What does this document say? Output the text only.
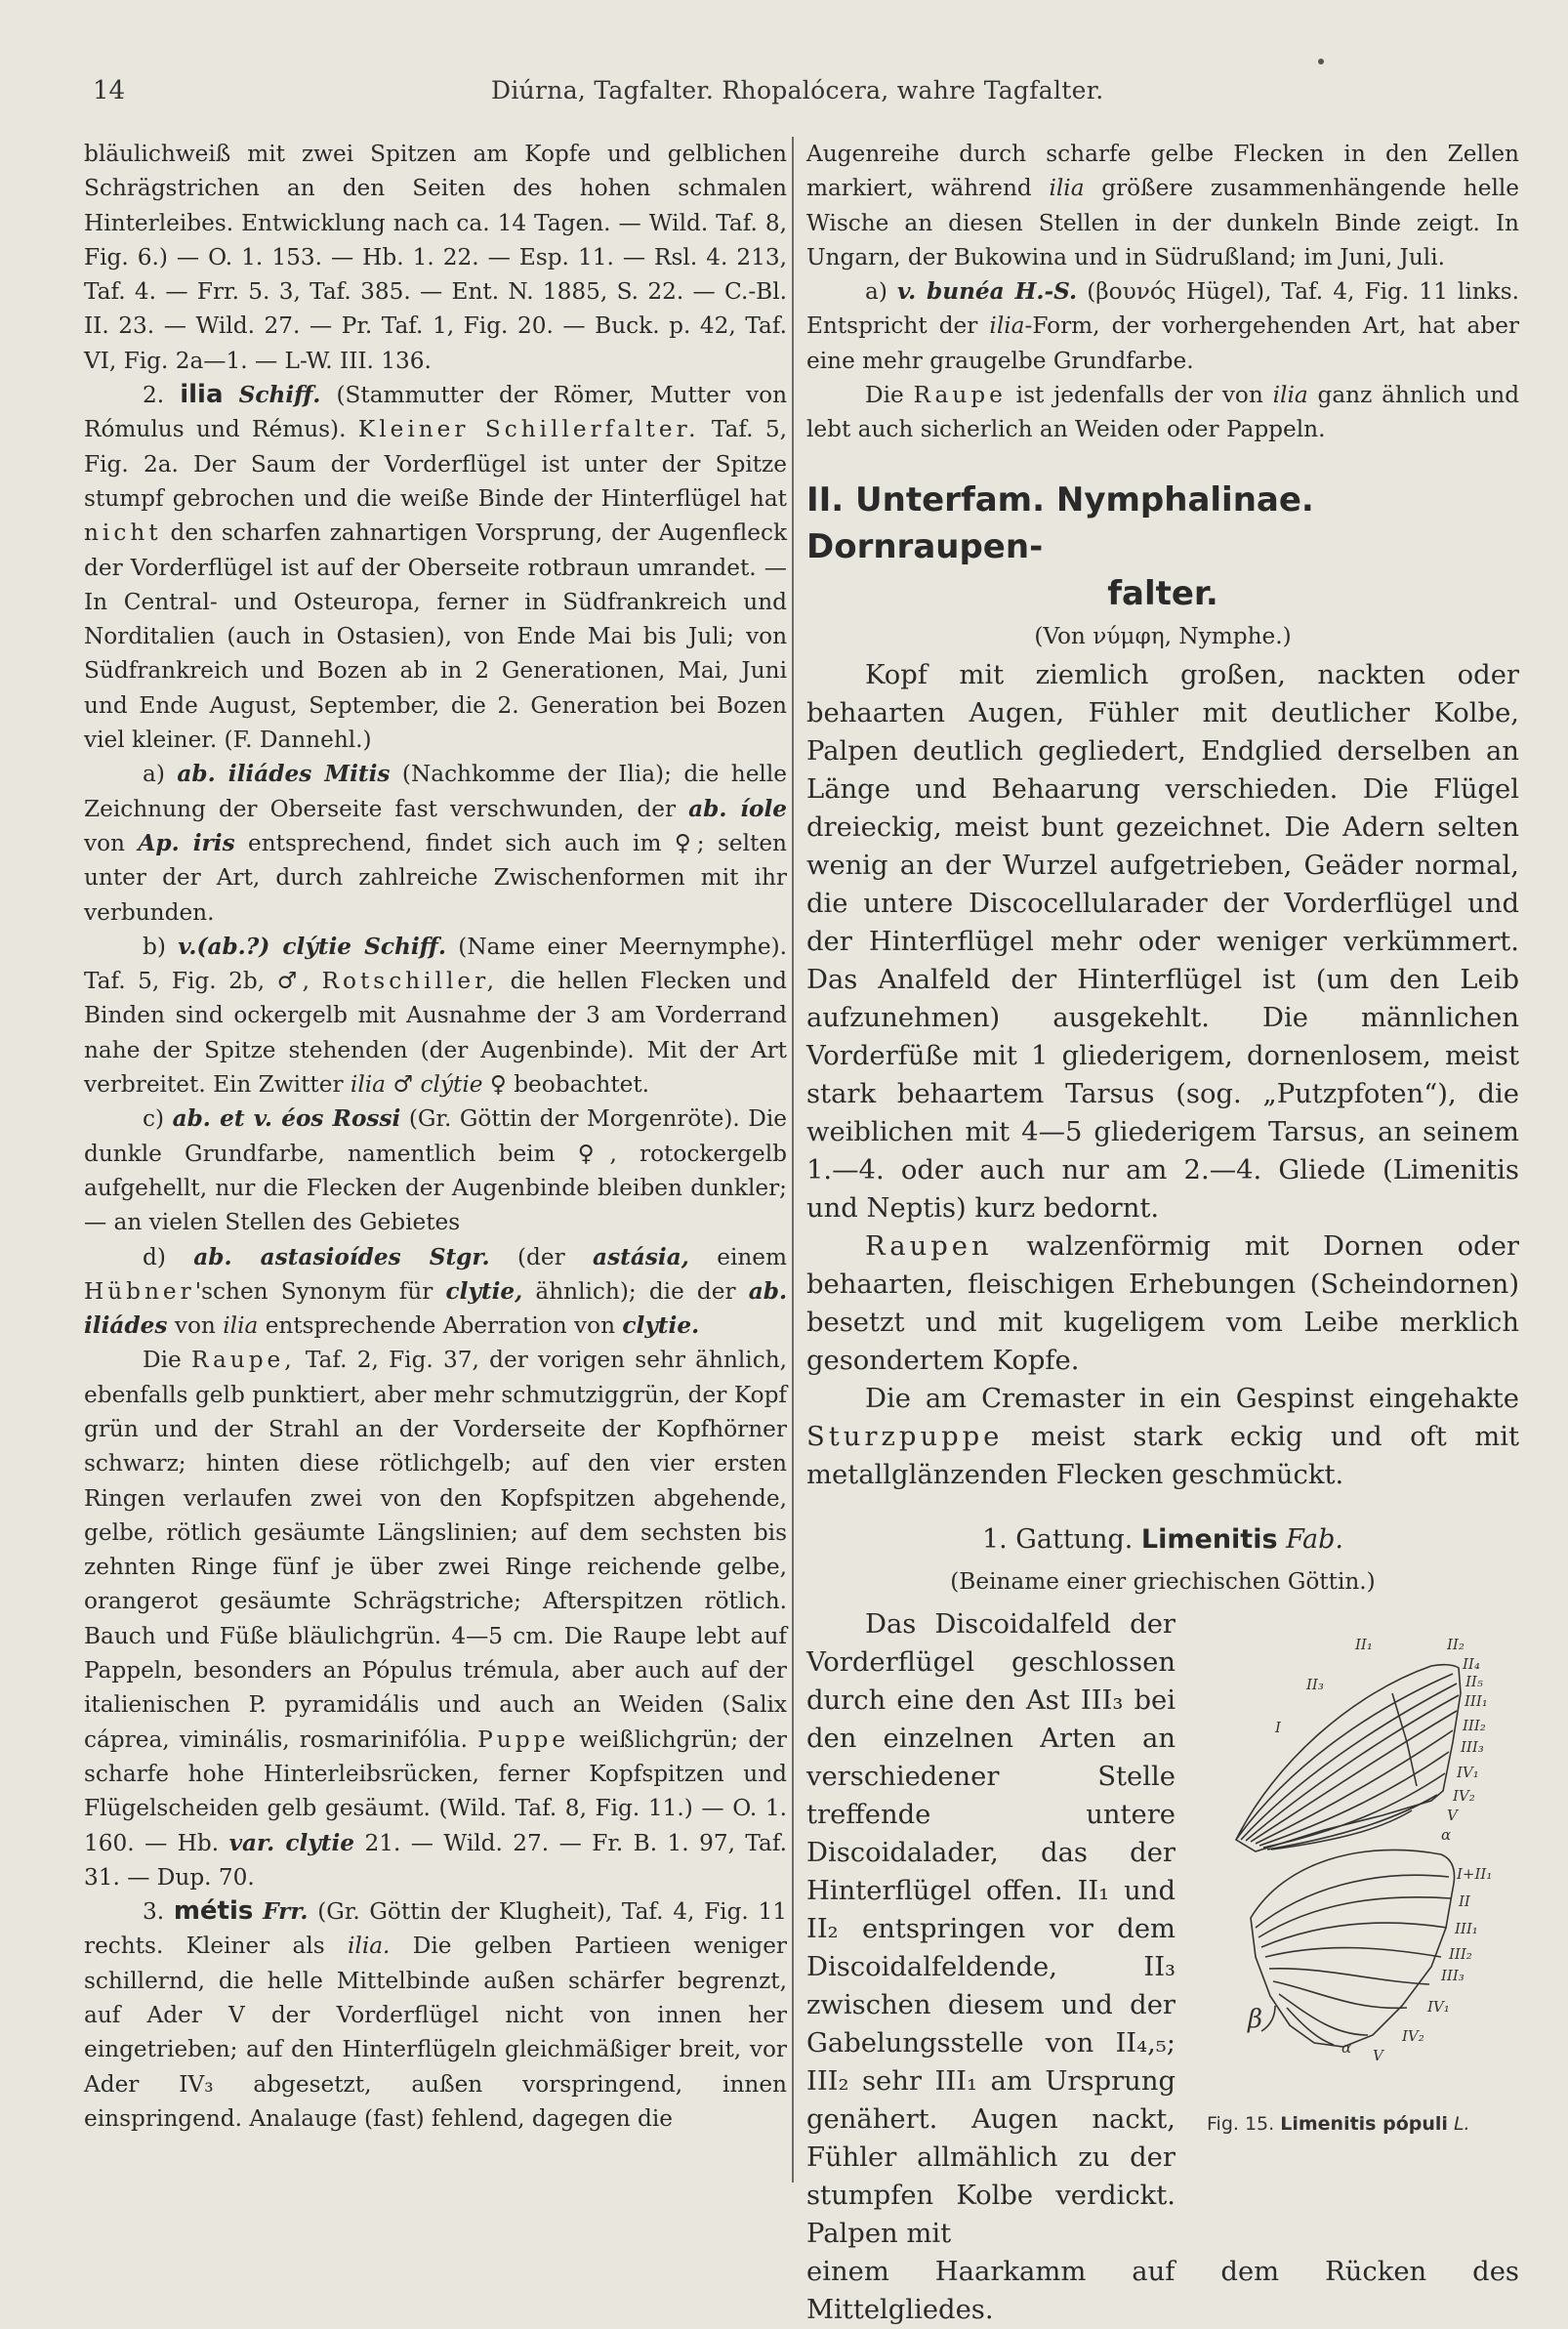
14	Diúrna, Tagfalter. Rhopalócera, wahre Tagfalter.

bläulichweiß mit zwei Spitzen am Kopfe und gelblichen Schrägstrichen an den Seiten des hohen schmalen Hinterleibes. Entwicklung nach ca. 14 Tagen. — Wild. Taf. 8, Fig. 6.) — O. 1. 153. — Hb. 1. 22. — Esp. 11. — Rsl. 4. 213, Taf. 4. — Frr. 5. 3, Taf. 385. — Ent. N. 1885, S. 22. — C.-Bl. II. 23. — Wild. 27. — Pr. Taf. 1, Fig. 20. — Buck. p. 42, Taf. VI, Fig. 2a—1. — L-W. III. 136.

2. ilia Schiff. (Stammutter der Römer, Mutter von Rómulus und Rémus). Kleiner Schillerfalter. Taf. 5, Fig. 2a. Der Saum der Vorderflügel ist unter der Spitze stumpf gebrochen und die weiße Binde der Hinterflügel hat nicht den scharfen zahnartigen Vorsprung, der Augenfleck der Vorderflügel ist auf der Oberseite rotbraun umrandet. — In Central- und Osteuropa, ferner in Südfrankreich und Norditalien (auch in Ostasien), von Ende Mai bis Juli; von Südfrankreich und Bozen ab in 2 Generationen, Mai, Juni und Ende August, September, die 2. Generation bei Bozen viel kleiner. (F. Dannehl.)

a) ab. iliádes Mitis (Nachkomme der Ilia); die helle Zeichnung der Oberseite fast verschwunden, der ab. íole von Ap. iris entsprechend, findet sich auch im ♀; selten unter der Art, durch zahlreiche Zwischenformen mit ihr verbunden.

b) v.(ab.?) clýtie Schiff. (Name einer Meernymphe). Taf. 5, Fig. 2b, ♂, Rotschiller, die hellen Flecken und Binden sind ockergelb mit Ausnahme der 3 am Vorderrand nahe der Spitze stehenden (der Augenbinde). Mit der Art verbreitet. Ein Zwitter ilia ♂ clýtie ♀ beobachtet.

c) ab. et v. éos Rossi (Gr. Göttin der Morgenröte). Die dunkle Grundfarbe, namentlich beim ♀, rotockergelb aufgehellt, nur die Flecken der Augenbinde bleiben dunkler; — an vielen Stellen des Gebietes

d) ab. astasioídes Stgr. (der astásia, einem Hübner'schen Synonym für clytie, ähnlich); die der ab. iliádes von ilia entsprechende Aberration von clytie.

Die Raupe, Taf. 2, Fig. 37, der vorigen sehr ähnlich, ebenfalls gelb punktiert, aber mehr schmutziggrün, der Kopf grün und der Strahl an der Vorderseite der Kopfhörner schwarz; hinten diese rötlichgelb; auf den vier ersten Ringen verlaufen zwei von den Kopfspitzen abgehende, gelbe, rötlich gesäumte Längslinien; auf dem sechsten bis zehnten Ringe fünf je über zwei Ringe reichende gelbe, orangerot gesäumte Schrägstriche; Afterspitzen rötlich. Bauch und Füße bläulichgrün. 4—5 cm. Die Raupe lebt auf Pappeln, besonders an Pópulus trémula, aber auch auf der italienischen P. pyramidális und auch an Weiden (Salix cáprea, viminális, rosmarinifólia. Puppe weißlichgrün; der scharfe hohe Hinterleibsrücken, ferner Kopfspitzen und Flügelscheiden gelb gesäumt. (Wild. Taf. 8, Fig. 11.) — O. 1. 160. — Hb. var. clytie 21. — Wild. 27. — Fr. B. 1. 97, Taf. 31. — Dup. 70.

3. métis Frr. (Gr. Göttin der Klugheit), Taf. 4, Fig. 11 rechts. Kleiner als ilia. Die gelben Partieen weniger schillernd, die helle Mittelbinde außen schärfer begrenzt, auf Ader V der Vorderflügel nicht von innen her eingetrieben; auf den Hinterflügeln gleichmäßiger breit, vor Ader IV₃ abgesetzt, außen vorspringend, innen einspringend. Analauge (fast) fehlend, dagegen die

Augenreihe durch scharfe gelbe Flecken in den Zellen markiert, während ilia größere zusammenhängende helle Wische an diesen Stellen in der dunkeln Binde zeigt. In Ungarn, der Bukowina und in Südrußland; im Juni, Juli.

a) v. bunéa H.-S. (βουνός Hügel), Taf. 4, Fig. 11 links. Entspricht der ilia-Form, der vorhergehenden Art, hat aber eine mehr graugelbe Grundfarbe.

Die Raupe ist jedenfalls der von ilia ganz ähnlich und lebt auch sicherlich an Weiden oder Pappeln.

II. Unterfam. Nymphalinae. Dornraupen-
falter.

(Von νύμφη, Nymphe.)

Kopf mit ziemlich großen, nackten oder behaarten Augen, Fühler mit deutlicher Kolbe, Palpen deutlich gegliedert, Endglied derselben an Länge und Behaarung verschieden. Die Flügel dreieckig, meist bunt gezeichnet. Die Adern selten wenig an der Wurzel aufgetrieben, Geäder normal, die untere Discocellularader der Vorderflügel und der Hinterflügel mehr oder weniger verkümmert. Das Analfeld der Hinterflügel ist (um den Leib aufzunehmen) ausgekehlt. Die männlichen Vorderfüße mit 1 gliederigem, dornenlosem, meist stark behaartem Tarsus (sog. „Putzpfoten“), die weiblichen mit 4—5 gliederigem Tarsus, an seinem 1.—4. oder auch nur am 2.—4. Gliede (Limenitis und Neptis) kurz bedornt.

Raupen walzenförmig mit Dornen oder behaarten, fleischigen Erhebungen (Scheindornen) besetzt und mit kugeligem vom Leibe merklich gesondertem Kopfe.

Die am Cremaster in ein Gespinst eingehakte Sturzpuppe meist stark eckig und oft mit metallglänzenden Flecken geschmückt.

1. Gattung. Limenitis Fab.

(Beiname einer griechischen Göttin.)

Das Discoidalfeld der Vorderflügel geschlossen durch eine den Ast III₃ bei den einzelnen Arten an verschiedener Stelle treffende untere Discoidalader, das der Hinterflügel offen. II₁ und II₂ entspringen vor dem Discoidalfeldende, II₃ zwischen diesem und der Gabelungsstelle von II₄,₅; III₂ sehr III₁ am Ursprung genähert. Augen nackt, Fühler allmählich zu der stumpfen Kolbe verdickt. Palpen mit

II₂
II₁
II₃
I
II₄
II₅
III₁
III₂
III₃
IV₁
IV₂
V
α
I+II₁
II
III₁
III₂
III₃
IV₁
IV₂
V
α
β
Fig. 15. Limenitis pópuli L.

einem Haarkamm auf dem Rücken des Mittelgliedes.
